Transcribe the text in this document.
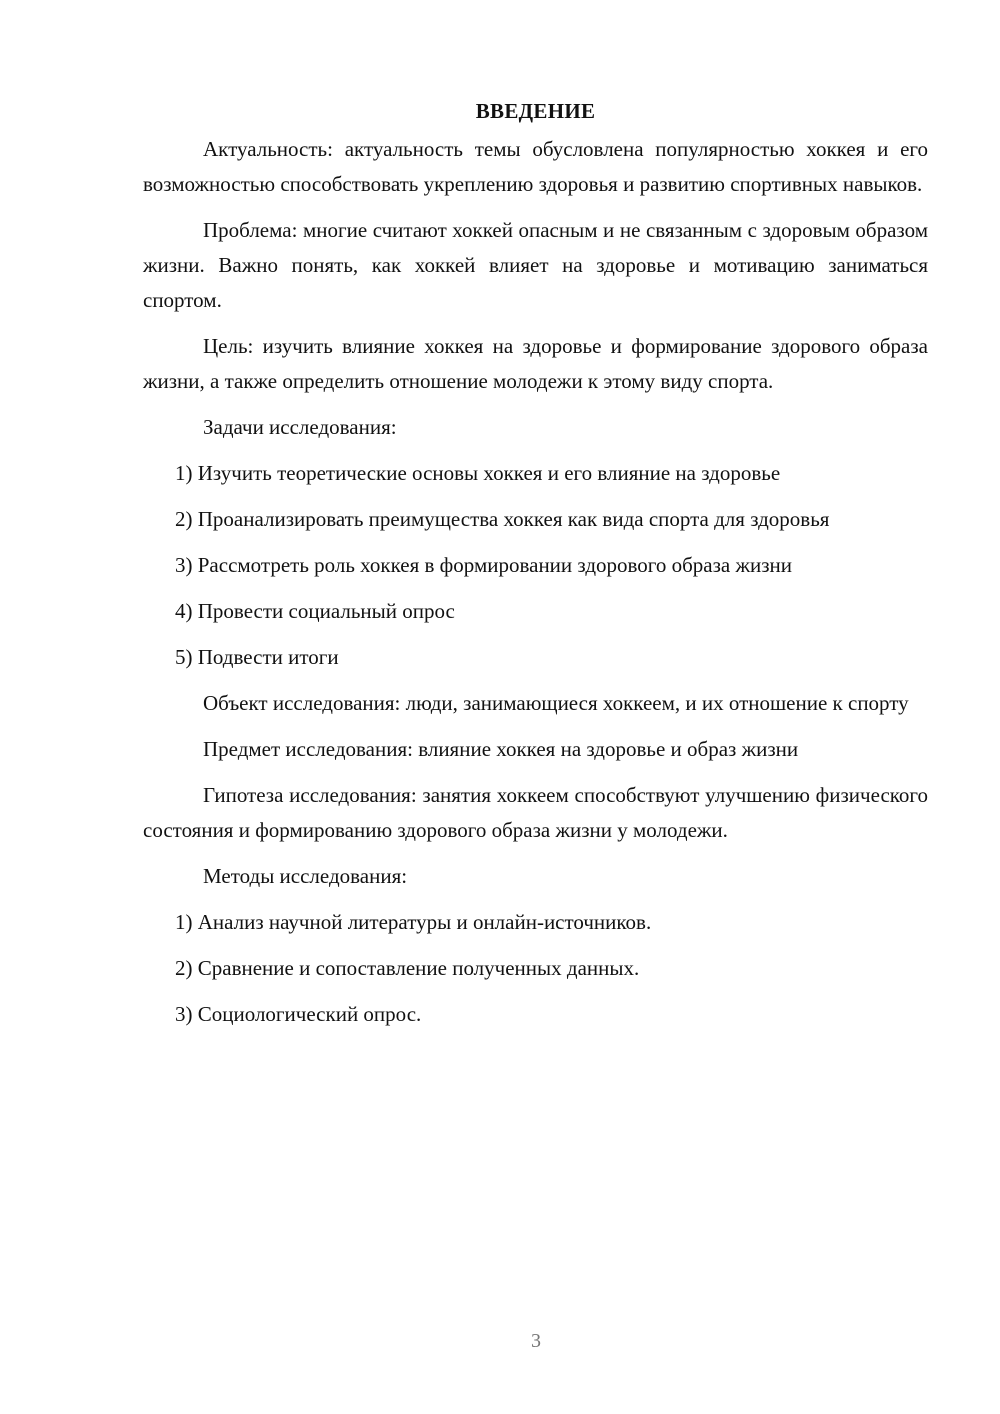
ВВЕДЕНИЕ
Актуальность: актуальность темы обусловлена популярностью хоккея и его возможностью способствовать укреплению здоровья и развитию спортивных навыков.
Проблема: многие считают хоккей опасным и не связанным с здоровым образом жизни. Важно понять, как хоккей влияет на здоровье и мотивацию заниматься спортом.
Цель: изучить влияние хоккея на здоровье и формирование здорового образа жизни, а также определить отношение молодежи к этому виду спорта.
Задачи исследования:
1) Изучить теоретические основы хоккея и его влияние на здоровье
2) Проанализировать преимущества хоккея как вида спорта для здоровья
3) Рассмотреть роль хоккея в формировании здорового образа жизни
4) Провести социальный опрос
5) Подвести итоги
Объект исследования: люди, занимающиеся хоккеем, и их отношение к спорту
Предмет исследования: влияние хоккея на здоровье и образ жизни
Гипотеза исследования: занятия хоккеем способствуют улучшению физического состояния и формированию здорового образа жизни у молодежи.
Методы исследования:
1) Анализ научной литературы и онлайн-источников.
2) Сравнение и сопоставление полученных данных.
3) Социологический опрос.
3
